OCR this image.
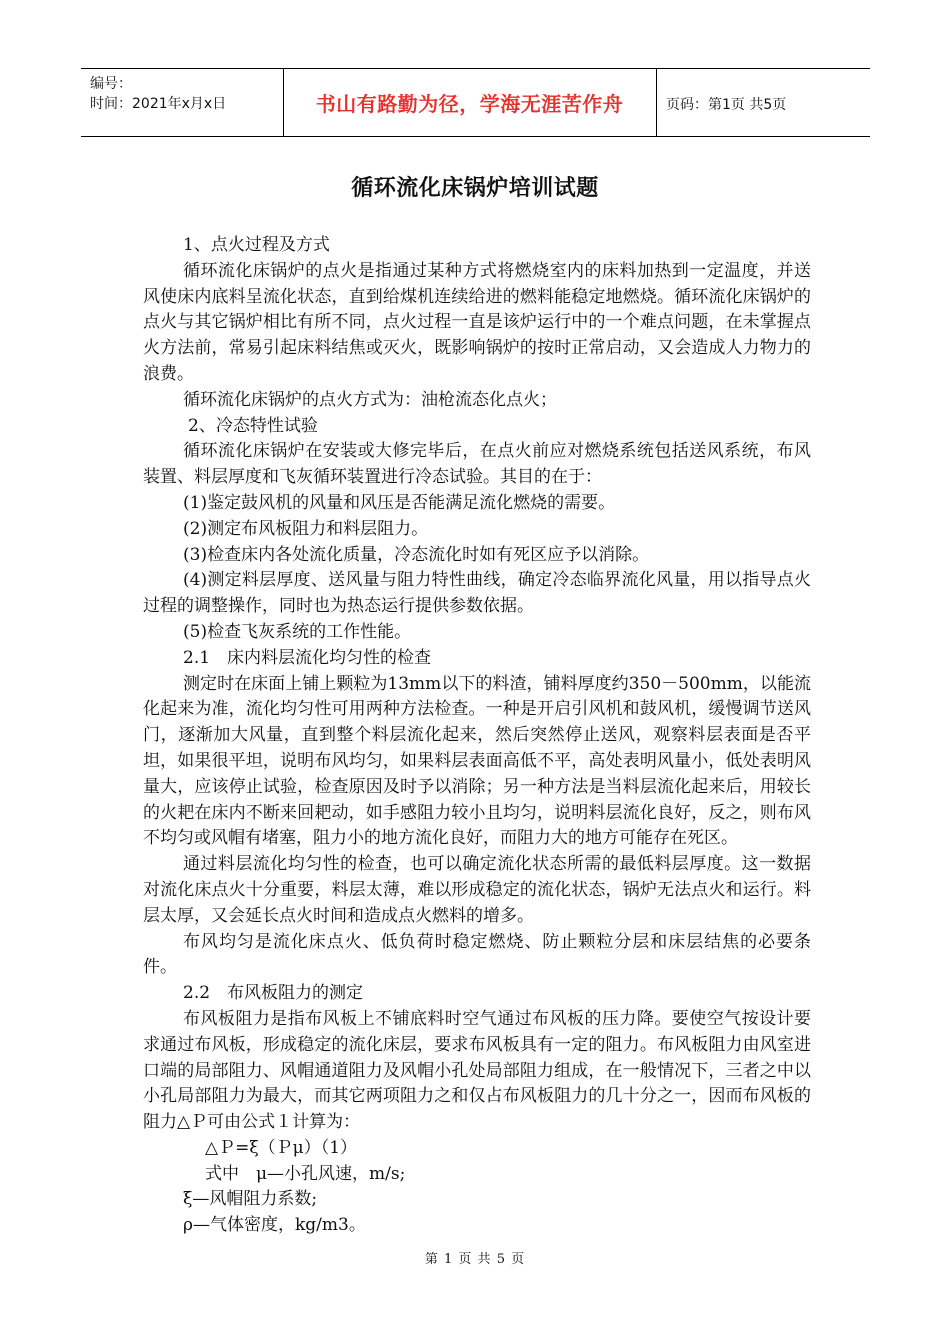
编号：
时间：2021年x月x日	书山有路勤为径，学海无涯苦作舟	页码：第1页 共5页
循环流化床锅炉培训试题

1、点火过程及方式

循环流化床锅炉的点火是指通过某种方式将燃烧室内的床料加热到一定温度，并送风使床内底料呈流化状态，直到给煤机连续给进的燃料能稳定地燃烧。循环流化床锅炉的点火与其它锅炉相比有所不同，点火过程一直是该炉运行中的一个难点问题，在未掌握点火方法前，常易引起床料结焦或灭火，既影响锅炉的按时正常启动，又会造成人力物力的浪费。

循环流化床锅炉的点火方式为：油枪流态化点火；

2、冷态特性试验

循环流化床锅炉在安装或大修完毕后，在点火前应对燃烧系统包括送风系统，布风装置、料层厚度和飞灰循环装置进行冷态试验。其目的在于：

(1)鉴定鼓风机的风量和风压是否能满足流化燃烧的需要。

(2)测定布风板阻力和料层阻力。

(3)检查床内各处流化质量，冷态流化时如有死区应予以消除。

(4)测定料层厚度、送风量与阻力特性曲线，确定冷态临界流化风量，用以指导点火过程的调整操作，同时也为热态运行提供参数依据。

(5)检查飞灰系统的工作性能。

2.1　床内料层流化均匀性的检查

测定时在床面上铺上颗粒为13mm以下的料渣，铺料厚度约350－500mm，以能流化起来为准，流化均匀性可用两种方法检查。一种是开启引风机和鼓风机，缓慢调节送风门，逐渐加大风量，直到整个料层流化起来，然后突然停止送风，观察料层表面是否平坦，如果很平坦，说明布风均匀，如果料层表面高低不平，高处表明风量小，低处表明风量大，应该停止试验，检查原因及时予以消除；另一种方法是当料层流化起来后，用较长的火耙在床内不断来回耙动，如手感阻力较小且均匀，说明料层流化良好，反之，则布风不均匀或风帽有堵塞，阻力小的地方流化良好，而阻力大的地方可能存在死区。

通过料层流化均匀性的检查，也可以确定流化状态所需的最低料层厚度。这一数据对流化床点火十分重要，料层太薄，难以形成稳定的流化状态，锅炉无法点火和运行。料层太厚，又会延长点火时间和造成点火燃料的增多。

布风均匀是流化床点火、低负荷时稳定燃烧、防止颗粒分层和床层结焦的必要条件。

2.2　布风板阻力的测定

布风板阻力是指布风板上不铺底料时空气通过布风板的压力降。要使空气按设计要求通过布风板，形成稳定的流化床层，要求布风板具有一定的阻力。布风板阻力由风室进口端的局部阻力、风帽通道阻力及风帽小孔处局部阻力组成，在一般情况下，三者之中以小孔局部阻力为最大，而其它两项阻力之和仅占布风板阻力的几十分之一，因而布风板的阻力△Ｐ可由公式１计算为：

△Ｐ=ξ（Ｐμ）（1）

式中　μ—小孔风速，m/s;

ξ—风帽阻力系数;

ρ—气体密度，kg/m3。

第 1 页 共 5 页
